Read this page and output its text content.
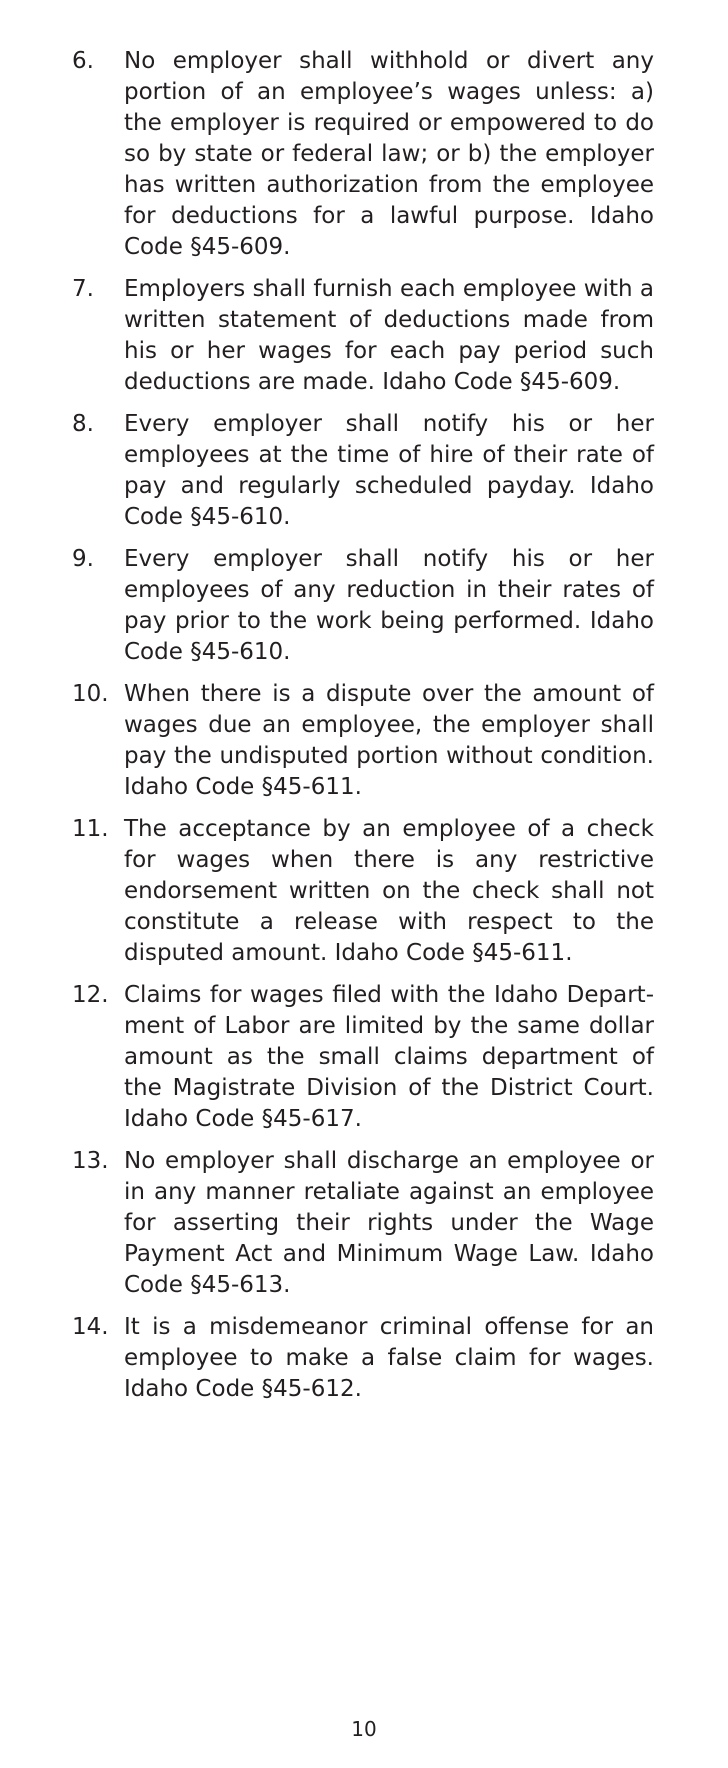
6.	No employer shall withhold or divert any portion of an employee’s wages unless: a) the employer is required or empowered to do so by state or federal law; or b) the employer has written authorization from the employee for deductions for a lawful purpose. Idaho Code §45-609.
7.	Employers shall furnish each employee with a written statement of deductions made from his or her wages for each pay period such deductions are made. Idaho Code §45-609.
8.	Every employer shall notify his or her employees at the time of hire of their rate of pay and regularly scheduled payday. Idaho Code §45-610.
9.	Every employer shall notify his or her employees of any reduction in their rates of pay prior to the work being performed. Idaho Code §45-610.
10. When there is a dispute over the amount of wages due an employee, the employer shall pay the undisputed portion without condition. Idaho Code §45-611.
11. The acceptance by an employee of a check for wages when there is any restrictive endorsement written on the check shall not constitute a release with respect to the disputed amount. Idaho Code §45-611.
12. Claims for wages filed with the Idaho Department of Labor are limited by the same dollar amount as the small claims department of the Magistrate Division of the District Court. Idaho Code §45-617.
13. No employer shall discharge an employee or in any manner retaliate against an employee for asserting their rights under the Wage Payment Act and Minimum Wage Law. Idaho Code §45-613.
14. It is a misdemeanor criminal offense for an employee to make a false claim for wages. Idaho Code §45-612.
10
